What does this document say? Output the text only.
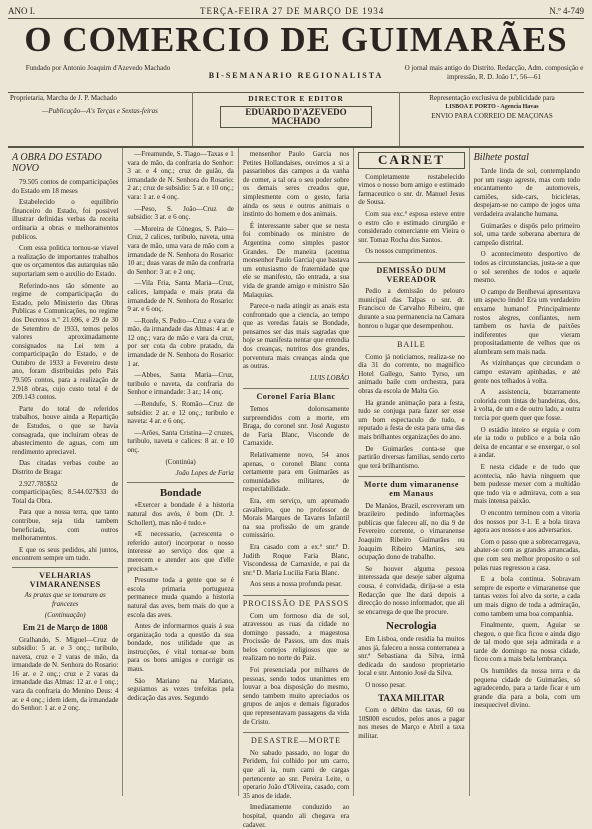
ANO I.	TERÇA-FEIRA 27 DE MARÇO DE 1934	N.º 4-749
O COMERCIO DE GUIMARÃES
Fundado por Antonio Joaquim d'Azevedo Machado
BI-SEMANARIO REGIONALISTA
O jornal mais antigo do Distrito. Redacção, Adm. composição e impressão, R. D. João I.º, 56—61
Proprietaria, Marcha de J. P. Machado
—Publicação—A's Terças e Sextas-feiras
DIRECTOR E EDITOR
EDUARDO D'AZEVEDO MACHADO
Representação exclusiva de publicidade para
LISBOA E PORTO - Agencia Havas
ENVIO PARA CORREIO DE MAÇONAS
A OBRA DO ESTADO NOVO

79.505 contos de comparticipações do Estado em 18 meses

Estabelecido o equilibrio financeiro do Estado, foi possivel illustrar definidas verbas da receita ordinaria a obras e melhoramentos publicos.

Com essa politica tornou-se viavel a realização de importantes trabalhos que os orçamentos das autarquias não suportariam sem o auxilio do Estado.

Referindo-nos tão sómente ao regime de comparticipação do Estado, pelo Ministerio das Obras Publicas e Comunicações, no regime dos Decretos n.º 21.696, e 29 de 30 de Setembro de 1933, temos pelos valores aproximadamente consignados na Lei tem a comparticipação do Estado, e de Outubro de 1933 a Fevereiro deste ano, foram distribuidas pelo Pais 79.505 contos, para a realização de 2.918 obras, cujo custo total é de 209.143 contos.

Parte do total de referidos trabalhos, houve ainda a Repartição de Estudos, o que se havia consagrada, que incluiram obras de abastecimento de aguas, com um rendimento apreciavel.

Das citadas verbas coube ao Distrito de Braga:

2.927.785$52 de comparticipações; 8.544.027$33 do Total da Obra.

Para que a nossa terra, que tanto contribue, seja tida tambem beneficiada, com outros melhoramentos.

E que os seus pedidos, ahi juntos, encontrem sempre um tudo.

VELHARIAS VIMARANENSES
As pratas que se tomaram as francezes
(Continuação)
Em 21 de Março de 1808

Gralhando, S. Miguel—Cruz de subsidio: 5 ar. e 3 onç.; turibulo, naveta, cruz e 2 varas de mão, da irmandade de N. Senhora do Rosario: 16 ar. e 2 onç.; cruz e 2 varas da irmandade das Almas: 12 ar. e 1 onç.; vara da confraria do Menino Deus: 4 ar. e 4 onç.; idem idem, da irmandade do Senhor: 1 ar. e 2 onç.

—Freamunde, S. Tiago—Taxas e 1 vara de mão, da confraria do Senhor: 3 ar. e 4 onç.; cruz de guião, da irmandade de N. Senhora do Rosario: 2 ar.; cruz de subsidio: 5 ar. e 10 onç.; vara: 1 ar. e 4 onç.

—Peso, S. João—Cruz de subsidio: 3 ar. e 6 onç.

—Moreira de Cónegos, S. Paio—Cruz, 2 calices, turibulo, naveta, uma vara de mão, uma vara de mão com a irmandade de N. Senhora do Rosario: 10 ar.; duas varas de mão da confraria do Senhor: 3 ar. e 2 onç.

—Vila Fria, Santa Maria—Cruz, calices, lampada e mais prata da irmandade de N. Senhora do Rosario: 9 ar. e 6 onç.

—Ronfe, S. Pedro—Cruz e vara de mão, da irmandade das Almas: 4 ar. e 12 onç.; vara de mão e vara da cruz, por ser cota da cobre pratado, da irmandade de N. Senhora do Rosario: 1 ar.

—Abbes, Santa Maria—Cruz, turibulo e naveta, da confraria do Senhor e irmandade: 3 ar.; 14 onç.

—Rendufe, S. Romão—Cruz de subsidio: 2 ar. e 12 onç.; turibulo e naveta: 4 ar. e 6 onç.

—Arões, Santa Cristina—2 cruzes, turibulo, naveta e calices: 8 ar. e 10 onç.

(Continúa)

João Lopes de Faria
Bondade

«Exercer a bondade é a historia natural dos avós, é bom (Dr. J. Schollert), mas não é tudo.»

«E necessario, (acrescenta o referido autor) incorporar o nosso interesse ao serviço dos que a merecem e atender aos que d'elle precisam.»

Presume toda a gente que se é escola primaria portugueza permanece muda quando a historia natural das aves, bem mais do que a escola das aves.

Antes de informarmos quais á sua organização toda a questão da sua bondade, nos utilidade que as instrucções, é vital tornar-se bom para os bons amigos e corrigir os maus.

Sáo Mariano na Mariano, seguiamos as vezes trefeitas pela dedicação das aves. Segundo

mensenhor Paulo Garcia nos Petites Hollandaises, ouvimos a si a passarinhos das campos a da vanha de comer, a tal ora o seu poder sobre os demais seres creados que, simplesmente com o gesto, faria ainda os seus e outros animais o instinto do homem e dos animais.

É interessante saber que se nesta foi combinado os ministro de Argentina como simples pastor Grandes. De maneira (acentua monsenhor Paulo Garcia) que bastava um entusiasmo de fraternidade que ele se manifesto, tão entrada, a sua vida de grande amigo e ministro São Malaquias.

Parece-o nada atingir as anais esta confrontado que a ciencia, ao tempo que as veredas fatais se Bondade, pensamos ser das mais sagradas que hoje se manifesta nentar que entendia dos creanças, nutritos dos grandes, porventura mais creanças ainda que as outras.

LUIS LOBÃO
Coronel Faria Blanc

Temos dolorosamente surpreendidos com a morte, em Braga, do coronel snr. José Augusto de Faria Blanc, Visconde de Carnaxide.

Relativamente novo, 54 anos apenas, o coronel Blanc conta certamente para em Guimarães as comunidades militares, de respectabilidade.

Era, em serviço, um aprumado cavalheiro, que no professor de Morais Marques de Tavares Infantil na sua profissão de um grande comissário.

Era casado com a ex.ª snr.ª D. Judith Roque Faria Blanc, Viscondessa de Carnaxide, e pai da snr.ª D. Maria Lucilia Faria Blanc.

Aos seus a nossa profunda pesar.

PROCISSÃO DE PASSOS

Com um formoso dia de sol, atravessou as ruas da cidade no domingo passado, a magestosa Procissão de Passos, um dos mais belos cortejos religiosos que se realizam no norte do Paiz.

Foi presenciada por milhares de pessoas, sendo todos unanimes em louvar a boa disposição do mesmo, sendo tambem muito apreciados os grupos de anjos e demais figurados que representavam passagens da vida de Cristo.

DESASTRE—MORTE

No sabado passado, no logar do Peridem, foi colhido por um carro, que ali ia, num cami de cargas pertencente ao snr. Pereira Leite, o operario João d'Oliveira, casado, com 35 anos de idade.

Imediatamente conduzido ao hospital, quando ali chegava era cadaver.

CARNET

Completamente restabelecido vimos o nosso bom amigo e estimado farmaceutico o snr. dr. Manuel Jesus de Sousa.

Com sua exc.ª esposa esteve entre o estro cão e estimado cirurgião e considerado comerciante em Vieira o snr. Tomaz Rocha dos Santos.

Os nossos cumprimentos.

DEMISSÃO DUM VEREADOR

Pedio a demissão do pelouro municipal das Talpas o snr. dr. Francisco de Carvalho Ribeiro, que durante a sua permanencia na Camara honrou o lugar que desempenhou.

BAILE

Como já noticiamos, realiza-se no dia 31 do corrente, no magnifico Hotel Gallego, Santo Tyrso, um animado baile com orchestra, para obras da escola de Malta Go.

Ha grande animação para a festa, tudo se conjuga para fazer ser esse um bom espectaculo de tudo, e reputado a festa de esta para uma das mais brilhantes organizações do ano.

De Guimarães conta-se que partirão diversas familias, sendo certo que terá brilhantismo.

Morte dum vimaranense em Manaus

De Manáos, Brazil, escreveram um brazileiro pedindo informações publicas que faleceu alí, no dia 9 de Fevereiro corrente, o vimaranense Joaquim Ribeiro Guimarães ou Joaquim Ribeiro Martins, seu ocupação dono de trabalho.

Se houver alguma pessoa interessada que deseje saber alguma cousa, é convidada, dirija-se a esta Redacção que lhe dará depois a direcção do nosso informador, que ali se encarrega de que lhe procure.

Necrologia

Em Lisboa, onde residia ha muitos anos já, faleceu a nossa conterranea a snr.ª Sebastiana da Silva, irmã dedicada do saudoso proprietario local e snr. Antonio José da Silva.

O nosso pesar.

TAXA MILITAR

Com o débito das taxas, 60 ou 10$000 escudos, pelos anos a pagar nos meses de Março e Abril a taxa militar.

Bilhete postal

Tarde linda de sol, contemplando por um rasgo agreste, mas com todo encantamento de automoveis, camiões, side-cars, bicicletas, despejam-se no campo de jogos uma verdadeira avalanche humana.

Guimarães e dispôs pelo primeiro sol, uma tarde soberana abertura de campeão distrital.

O acontecimento desportivo de todos as circunstancias, justa-se a que o sol serenhes de todos e aquele mesmo.

O campo de Benlhevai apresentava um aspecto lindo! Era um verdadeiro enxame humano! Principalmente rostos alegres, confiantes, nem tambem os havia de paixões indiferentes que vieram propositadamente de velhos que os alumbram sem mais nada.

As vizinhanças que circundam o campo estavam apinhadas, e até gente nos telhados à volta.

A assistencia, bizarramente colorida com tintas de bandeiras, dos, à volta, de um e de outro lado, a outra torcia por quem quer que fosse.

O estádio inteiro se erguia e com ele ia todo o publico e a bola não deixa de encantar e se enxergar, o sol a andar.

E nesta cidade e de tudo que acontecia, não havia ninguem que bem pudesse mexer com a multidão que tudo via e admirava, com a sua mais intensa paixão.

O encontro terminou com a vitoria dos nossos por 3-1. E a bola tirava agora aos nossos e aos adversarios.

Com o passo que a sobrecarregava, abater-se com as grandes arrancadas, que com seu melhor proposito o sol pelas ruas regressou a casa.

E a bola continua. Sobravam sempre de esporte e vimaranense que tantas vezes foi alvo da sorte, a cada um mais digno de toda a admiração, como tambem uma boa companhia.

Finalmente, quem, Aguiar se chegou, o que fica ficou e ainda digo de tal modo que seja admirada e a tarde de domingo na nossa cidade, ficou com a mais bela lembrança.

Os humildes da nossa terra e da pequena cidade de Guimarães, só agradecendo, para a tarde ficar e um grande dia para a bola, com um inesquecivel divino.
